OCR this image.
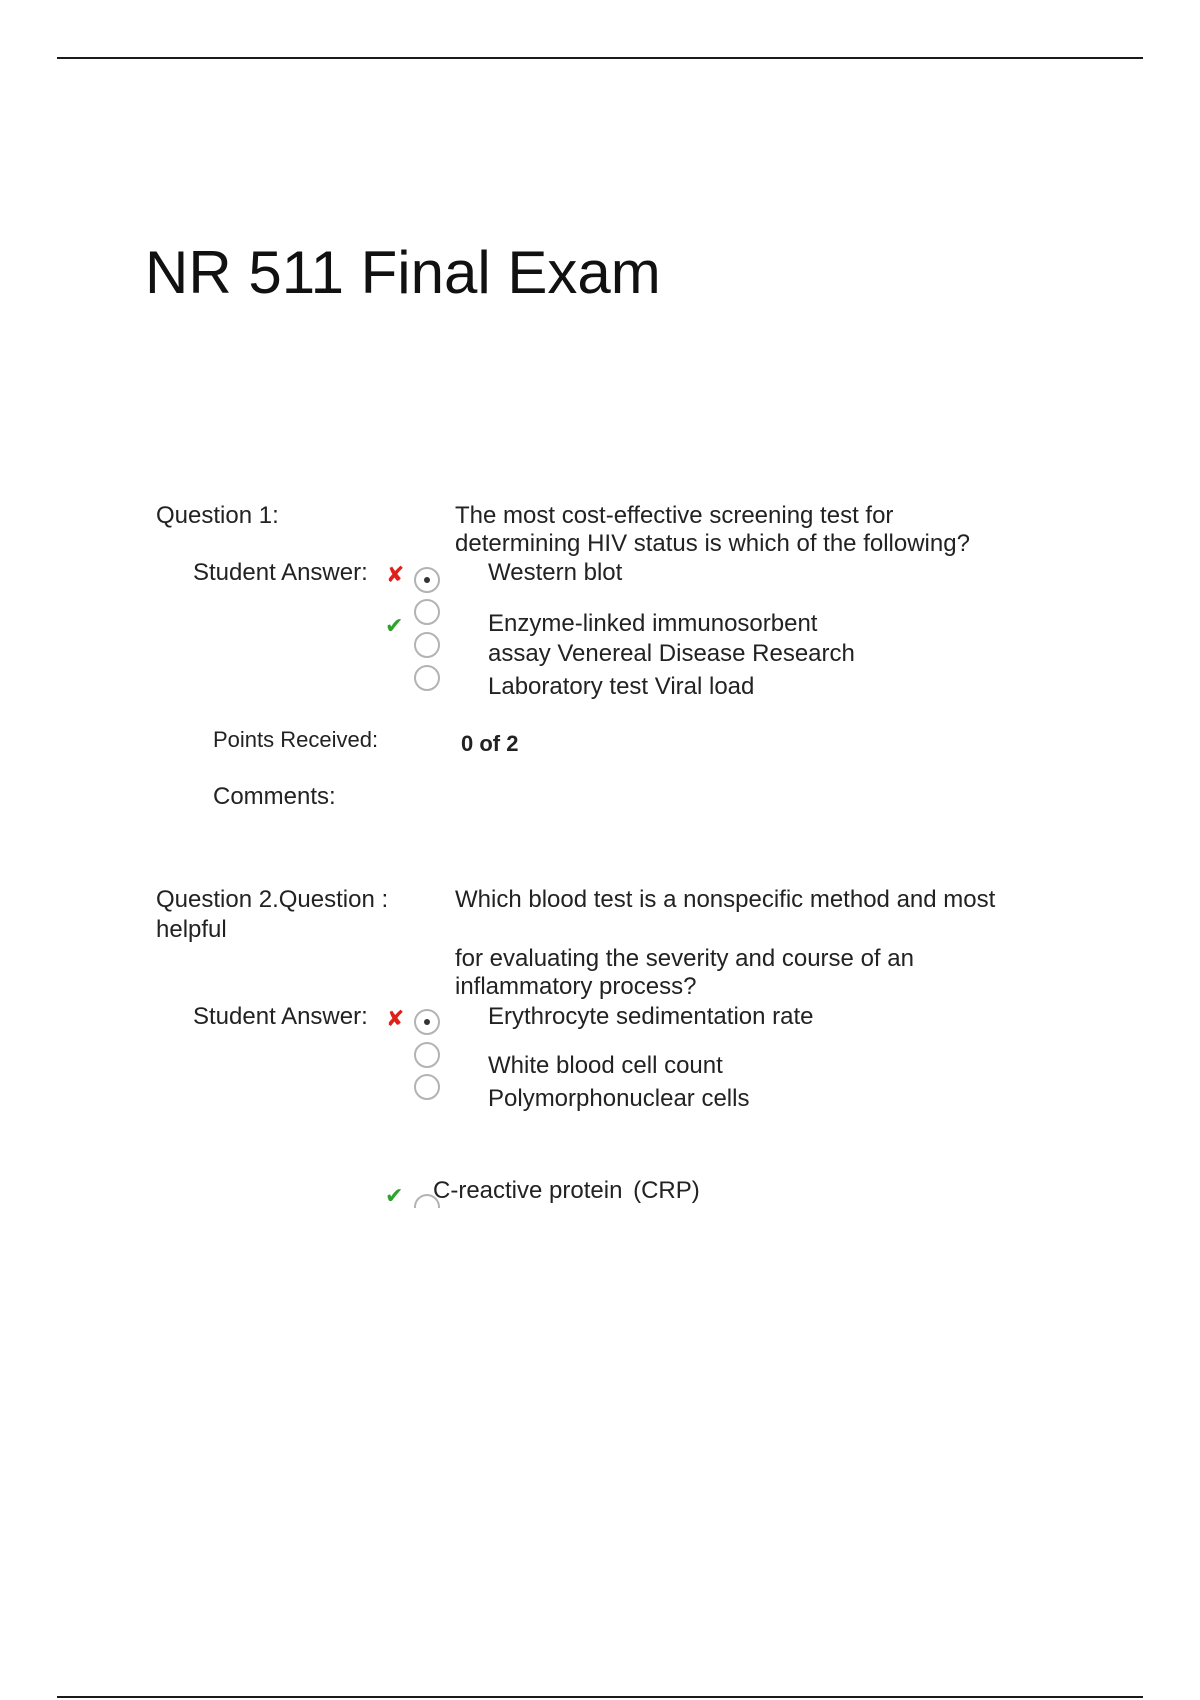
NR 511 Final Exam
Question 1:	The most cost-effective screening test for
determining HIV status is which of the following?
Student Answer: ✘	Western blot
✔	Enzyme-linked immunosorbent
assay Venereal Disease Research
Laboratory test Viral load
Points Received:	0 of 2
Comments:
Question 2.Question :
helpful
Which blood test is a nonspecific method and most
for evaluating the severity and course of an
inflammatory process?
Student Answer: ✘	Erythrocyte sedimentation rate
White blood cell count
Polymorphonuclear cells
✔ C-reactive protein (CRP)
